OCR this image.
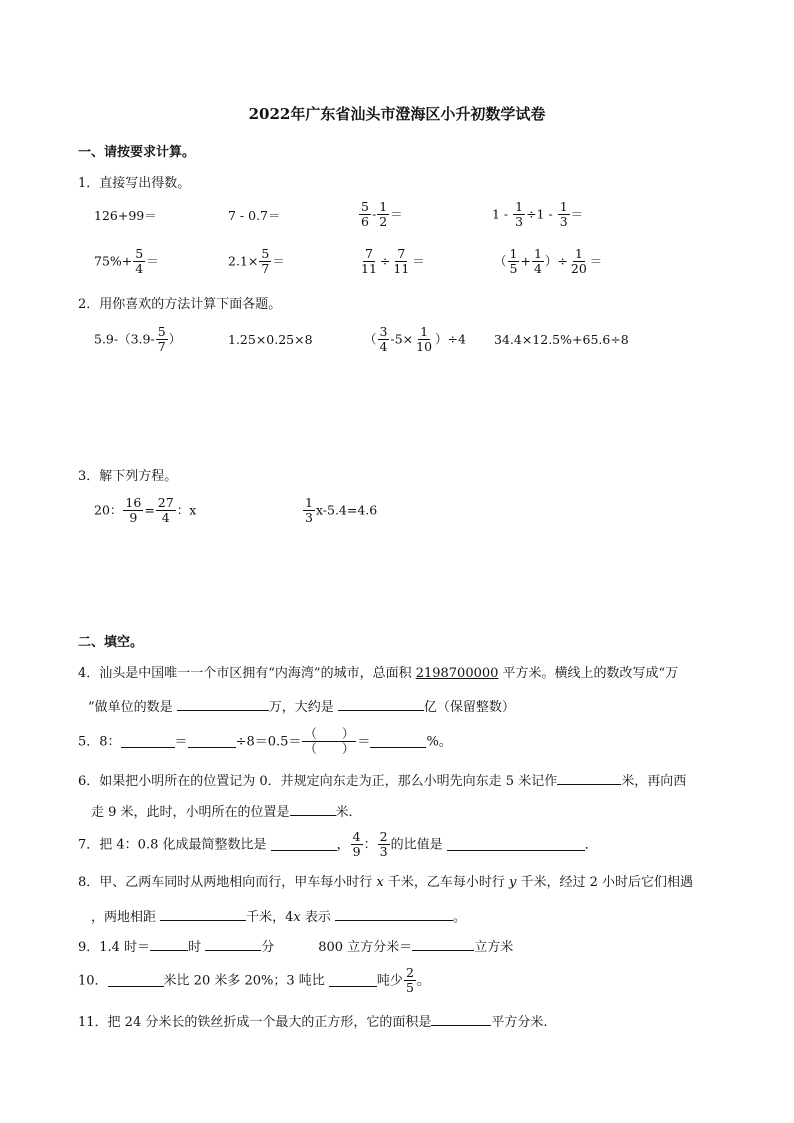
2022年广东省汕头市澄海区小升初数学试卷
一、请按要求计算。
1．直接写出得数。
126+99＝	7 - 0.7＝	$\frac{5}{6} - \frac{1}{2}$ ＝	$1 - \frac{1}{3} \div 1 - \frac{1}{3}$ ＝
$75\%+ \frac{5}{4}$ ＝	$2.1\times \frac{5}{7}$ ＝	$\frac{7}{11} \div \frac{7}{11}$ ＝	（ $\frac{1}{5} + \frac{1}{4}$ ）÷ $\frac{1}{20}$ ＝
2．用你喜欢的方法计算下面各题。
$5.9-(3.9- \frac{5}{7}$ ）	1.25×0.25×8	（ $\frac{3}{4} -5\times \frac{1}{10} )\div 4$ 34.4×12.5%+65.6÷8
3．解下列方程。
20： $\frac{16}{9} = \frac{27}{4}$ ：x	$\frac{1}{3} x-5.4=4.6$
二、填空。
4．汕头是中国唯一一个市区拥有“内海湾”的城市，总面积 2198700000 平方米。横线上的数改写成“万
”做单位的数是	万，大约是	亿（保留整数）
5．8：	＝	÷8＝0.5＝
（　　）
（　　） ＝	%。
6．如果把小明所在的位置记为 0．并规定向东走为正，那么小明先向东走 5 米记作	米，再向西
走 9 米，此时，小明所在的位置是	米．
7．把 4：0.8 化成最简整数比是	， $\frac{4}{9}$ ： $\frac{2}{3}$ 的比值是	．
8．甲、乙两车同时从两地相向而行，甲车每小时行 x 千米，乙车每小时行 y 千米，经过 2 小时后它们相遇
，两地相距	千米，4x 表示	。
9．1.4 时＝	时	分	800 立方分米＝	立方米
10．	米比 20 米多 20%；3 吨比	吨少 $\frac{2}{5}$ 。
11．把 24 分米长的铁丝折成一个最大的正方形，它的面积是	平方分米.
